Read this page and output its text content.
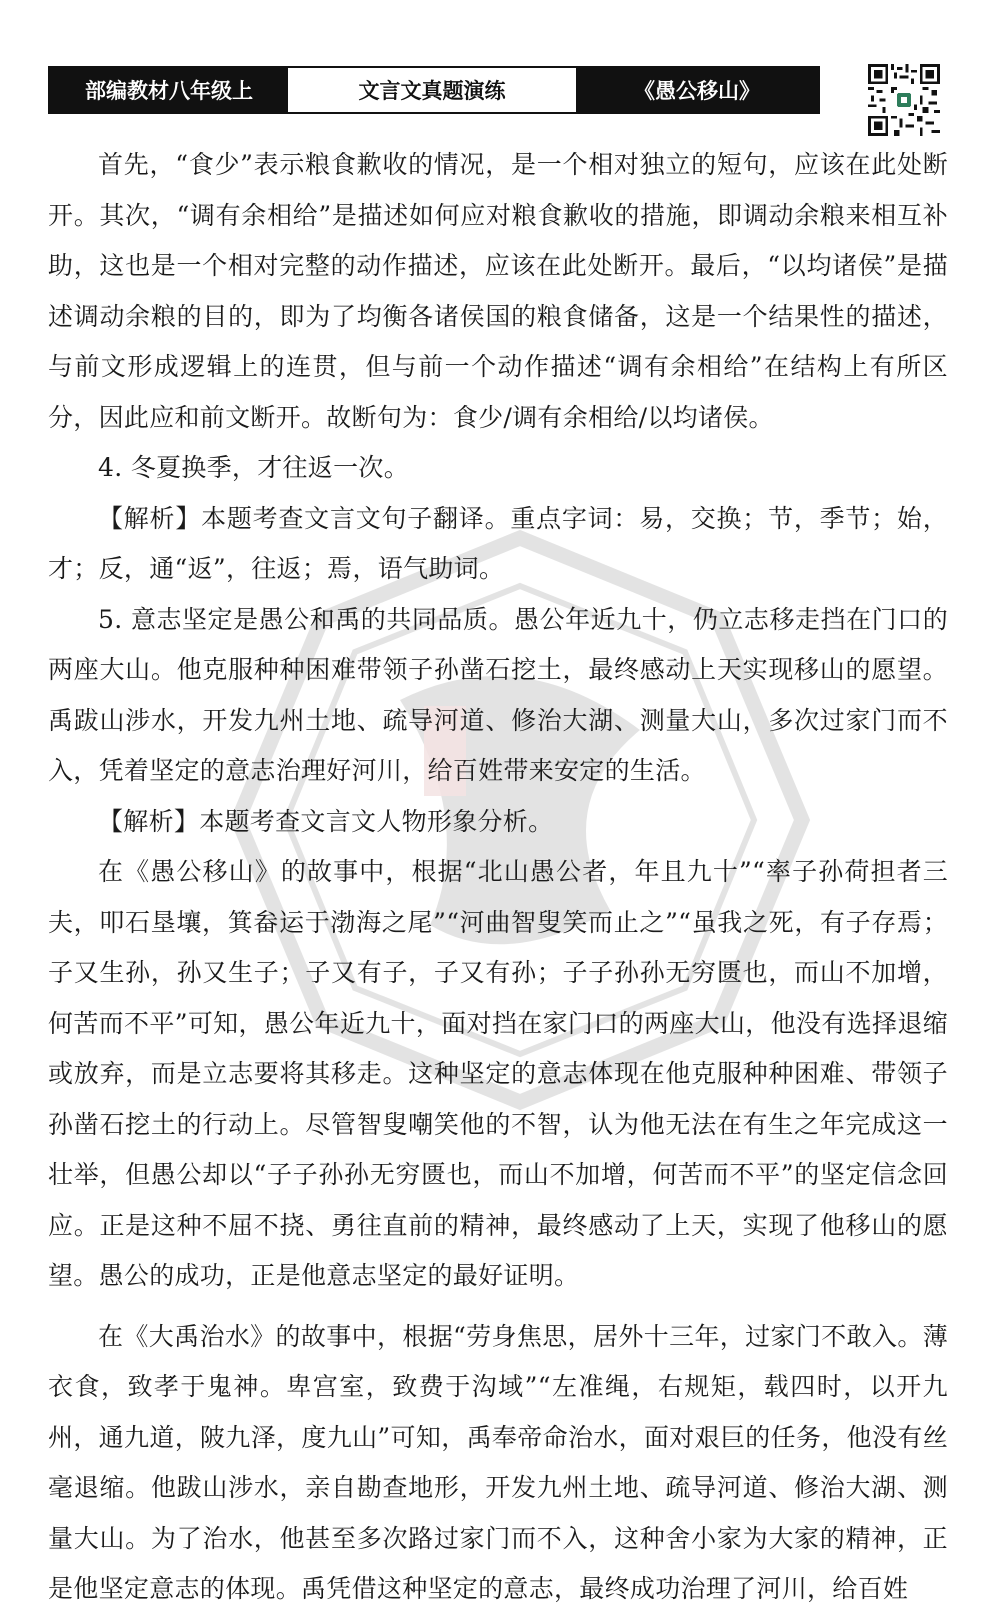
部编教材八年级上	文言文真题演练	《愚公移山》

首先，“食少”表示粮食歉收的情况，是一个相对独立的短句，应该在此处断开。其次，“调有余相给”是描述如何应对粮食歉收的措施，即调动余粮来相互补助，这也是一个相对完整的动作描述，应该在此处断开。最后，“以均诸侯”是描述调动余粮的目的，即为了均衡各诸侯国的粮食储备，这是一个结果性的描述，与前文形成逻辑上的连贯，但与前一个动作描述“调有余相给”在结构上有所区分，因此应和前文断开。故断句为：食少/调有余相给/以均诸侯。

4. 冬夏换季，才往返一次。

【解析】本题考查文言文句子翻译。重点字词：易，交换；节，季节；始，才；反，通“返”，往返；焉，语气助词。

5. 意志坚定是愚公和禹的共同品质。愚公年近九十，仍立志移走挡在门口的两座大山。他克服种种困难带领子孙凿石挖土，最终感动上天实现移山的愿望。禹跋山涉水，开发九州土地、疏导河道、修治大湖、测量大山，多次过家门而不入，凭着坚定的意志治理好河川，给百姓带来安定的生活。

【解析】本题考查文言文人物形象分析。

在《愚公移山》的故事中，根据“北山愚公者，年且九十”“率子孙荷担者三夫，叩石垦壤，箕畚运于渤海之尾”“河曲智叟笑而止之”“虽我之死，有子存焉；子又生孙，孙又生子；子又有子，子又有孙；子子孙孙无穷匮也，而山不加增，何苦而不平”可知，愚公年近九十，面对挡在家门口的两座大山，他没有选择退缩或放弃，而是立志要将其移走。这种坚定的意志体现在他克服种种困难、带领子孙凿石挖土的行动上。尽管智叟嘲笑他的不智，认为他无法在有生之年完成这一壮举，但愚公却以“子子孙孙无穷匮也，而山不加增，何苦而不平”的坚定信念回应。正是这种不屈不挠、勇往直前的精神，最终感动了上天，实现了他移山的愿望。愚公的成功，正是他意志坚定的最好证明。

在《大禹治水》的故事中，根据“劳身焦思，居外十三年，过家门不敢入。薄衣食，致孝于鬼神。卑宫室，致费于沟域”“左准绳，右规矩，载四时，以开九州，通九道，陂九泽，度九山”可知，禹奉帝命治水，面对艰巨的任务，他没有丝毫退缩。他跋山涉水，亲自勘查地形，开发九州土地、疏导河道、修治大湖、测量大山。为了治水，他甚至多次路过家门而不入，这种舍小家为大家的精神，正是他坚定意志的体现。禹凭借这种坚定的意志，最终成功治理了河川，给百姓
